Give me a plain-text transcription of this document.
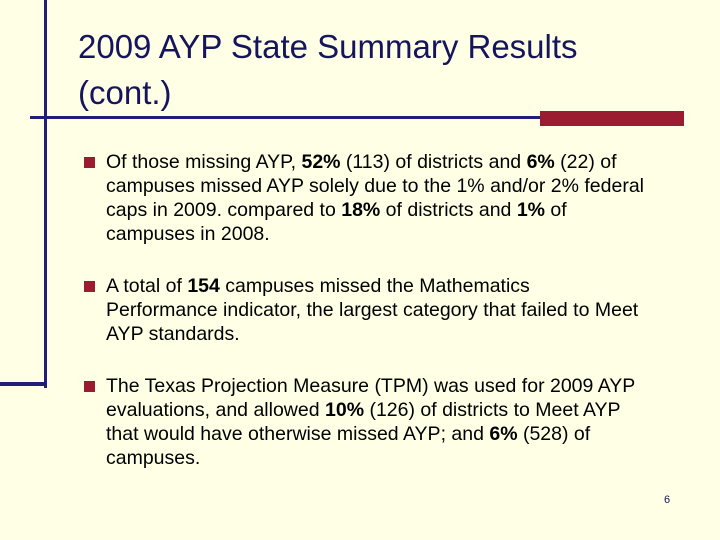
2009 AYP State Summary Results
(cont.)
Of those missing AYP, 52% (113) of districts and 6% (22) of campuses missed AYP solely due to the 1% and/or 2% federal caps in 2009. compared to 18% of districts and 1% of campuses in 2008.
A total of 154 campuses missed the Mathematics Performance indicator, the largest category that failed to Meet AYP standards.
The Texas Projection Measure (TPM) was used for 2009 AYP evaluations, and allowed 10% (126) of districts to Meet AYP that would have otherwise missed AYP; and 6% (528) of campuses.
6
